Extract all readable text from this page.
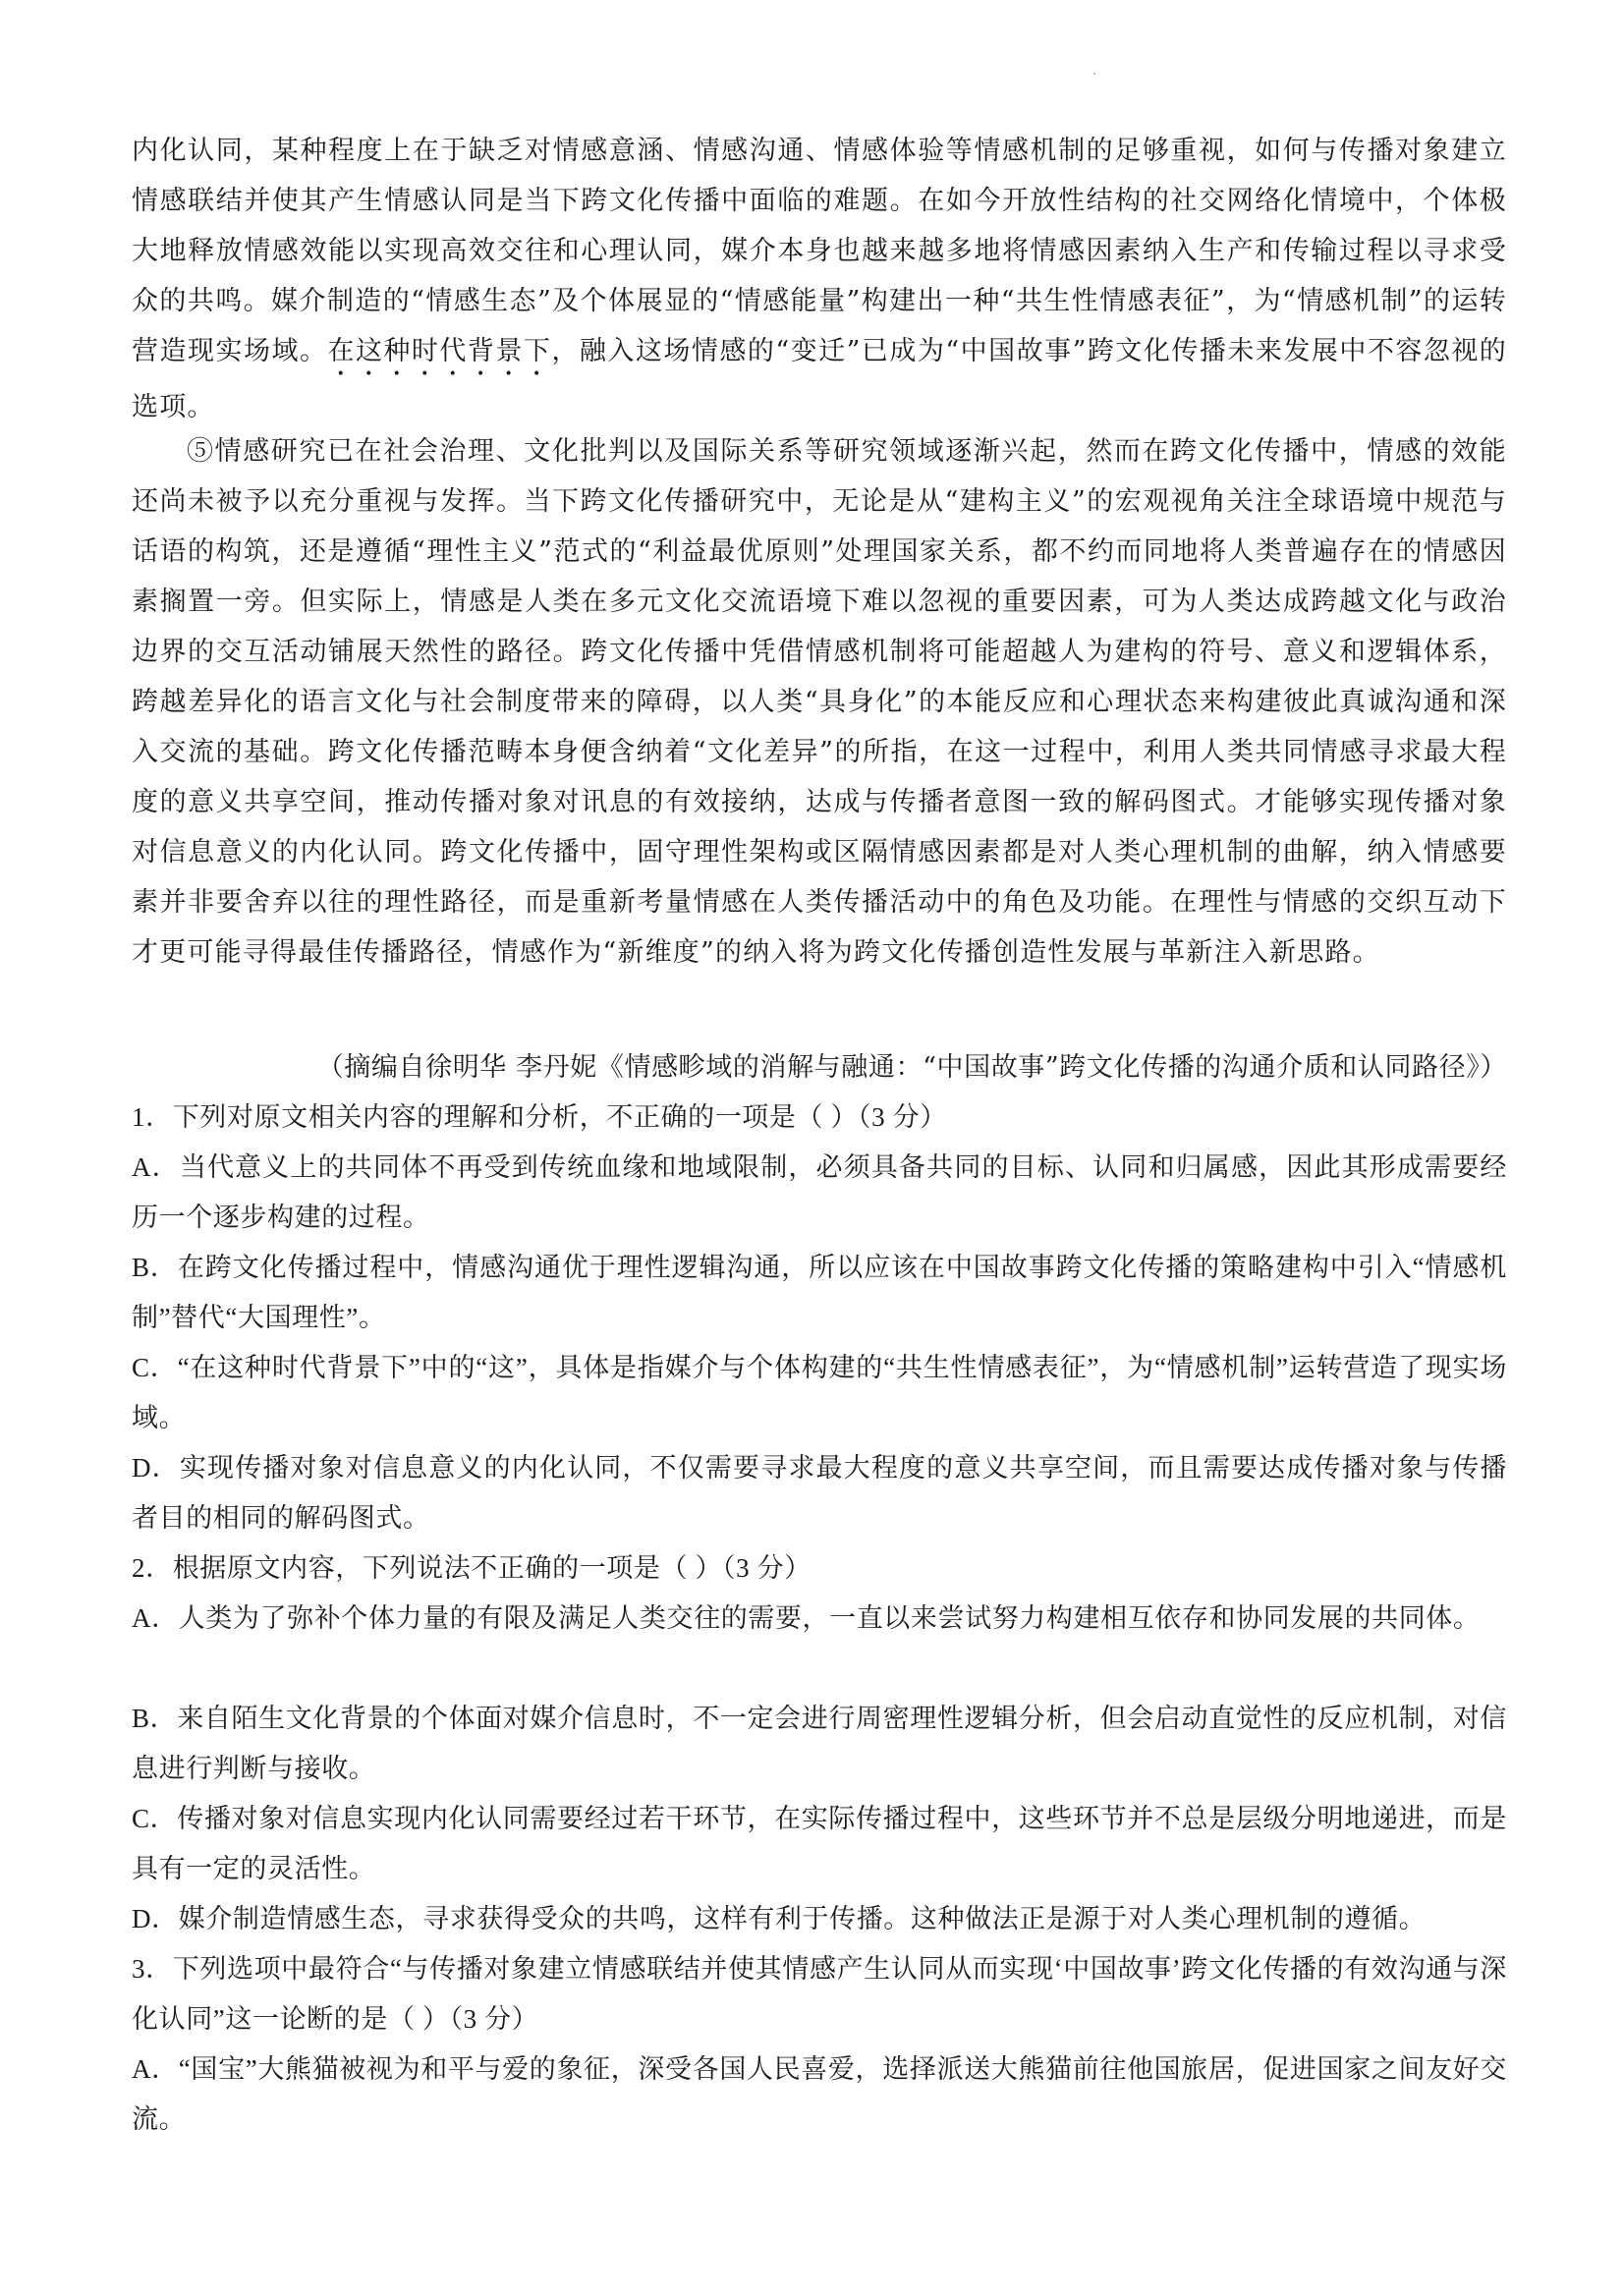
内化认同，某种程度上在于缺乏对情感意涵、情感沟通、情感体验等情感机制的足够重视，如何与传播对象建立情感联结并使其产生情感认同是当下跨文化传播中面临的难题。在如今开放性结构的社交网络化情境中，个体极大地释放情感效能以实现高效交往和心理认同，媒介本身也越来越多地将情感因素纳入生产和传输过程以寻求受众的共鸣。媒介制造的“情感生态”及个体展显的“情感能量”构建出一种“共生性情感表征”，为“情感机制”的运转营造现实场域。在这种时代背景下，融入这场情感的“变迁”已成为“中国故事”跨文化传播未来发展中不容忽视的选项。
⑤情感研究已在社会治理、文化批判以及国际关系等研究领域逐渐兴起，然而在跨文化传播中，情感的效能还尚未被予以充分重视与发挥。当下跨文化传播研究中，无论是从“建构主义”的宏观视角关注全球语境中规范与话语的构筑，还是遵循“理性主义”范式的“利益最优原则”处理国家关系，都不约而同地将人类普遍存在的情感因素搁置一旁。但实际上，情感是人类在多元文化交流语境下难以忽视的重要因素，可为人类达成跨越文化与政治边界的交互活动铺展天然性的路径。跨文化传播中凭借情感机制将可能超越人为建构的符号、意义和逻辑体系，跨越差异化的语言文化与社会制度带来的障碍，以人类“具身化”的本能反应和心理状态来构建彼此真诚沟通和深入交流的基础。跨文化传播范畴本身便含纳着“文化差异”的所指，在这一过程中，利用人类共同情感寻求最大程度的意义共享空间，推动传播对象对讯息的有效接纳，达成与传播者意图一致的解码图式。才能够实现传播对象对信息意义的内化认同。跨文化传播中，固守理性架构或区隔情感因素都是对人类心理机制的曲解，纳入情感要素并非要舍弃以往的理性路径，而是重新考量情感在人类传播活动中的角色及功能。在理性与情感的交织互动下才更可能寻得最佳传播路径，情感作为“新维度”的纳入将为跨文化传播创造性发展与革新注入新思路。
（摘编自徐明华 李丹妮《情感畛域的消解与融通：“中国故事”跨文化传播的沟通介质和认同路径》）
1．下列对原文相关内容的理解和分析，不正确的一项是（ ）（3 分）
A．当代意义上的共同体不再受到传统血缘和地域限制，必须具备共同的目标、认同和归属感，因此其形成需要经历一个逐步构建的过程。
B．在跨文化传播过程中，情感沟通优于理性逻辑沟通，所以应该在中国故事跨文化传播的策略建构中引入“情感机制”替代“大国理性”。
C．“在这种时代背景下”中的“这”，具体是指媒介与个体构建的“共生性情感表征”，为“情感机制”运转营造了现实场域。
D．实现传播对象对信息意义的内化认同，不仅需要寻求最大程度的意义共享空间，而且需要达成传播对象与传播者目的相同的解码图式。
2．根据原文内容，下列说法不正确的一项是（ ）（3 分）
A．人类为了弥补个体力量的有限及满足人类交往的需要，一直以来尝试努力构建相互依存和协同发展的共同体。
B．来自陌生文化背景的个体面对媒介信息时，不一定会进行周密理性逻辑分析，但会启动直觉性的反应机制，对信息进行判断与接收。
C．传播对象对信息实现内化认同需要经过若干环节，在实际传播过程中，这些环节并不总是层级分明地递进，而是具有一定的灵活性。
D．媒介制造情感生态，寻求获得受众的共鸣，这样有利于传播。这种做法正是源于对人类心理机制的遵循。
3．下列选项中最符合“与传播对象建立情感联结并使其情感产生认同从而实现‘中国故事’跨文化传播的有效沟通与深化认同”这一论断的是（ ）（3 分）
A．“国宝”大熊猫被视为和平与爱的象征，深受各国人民喜爱，选择派送大熊猫前往他国旅居，促进国家之间友好交流。
